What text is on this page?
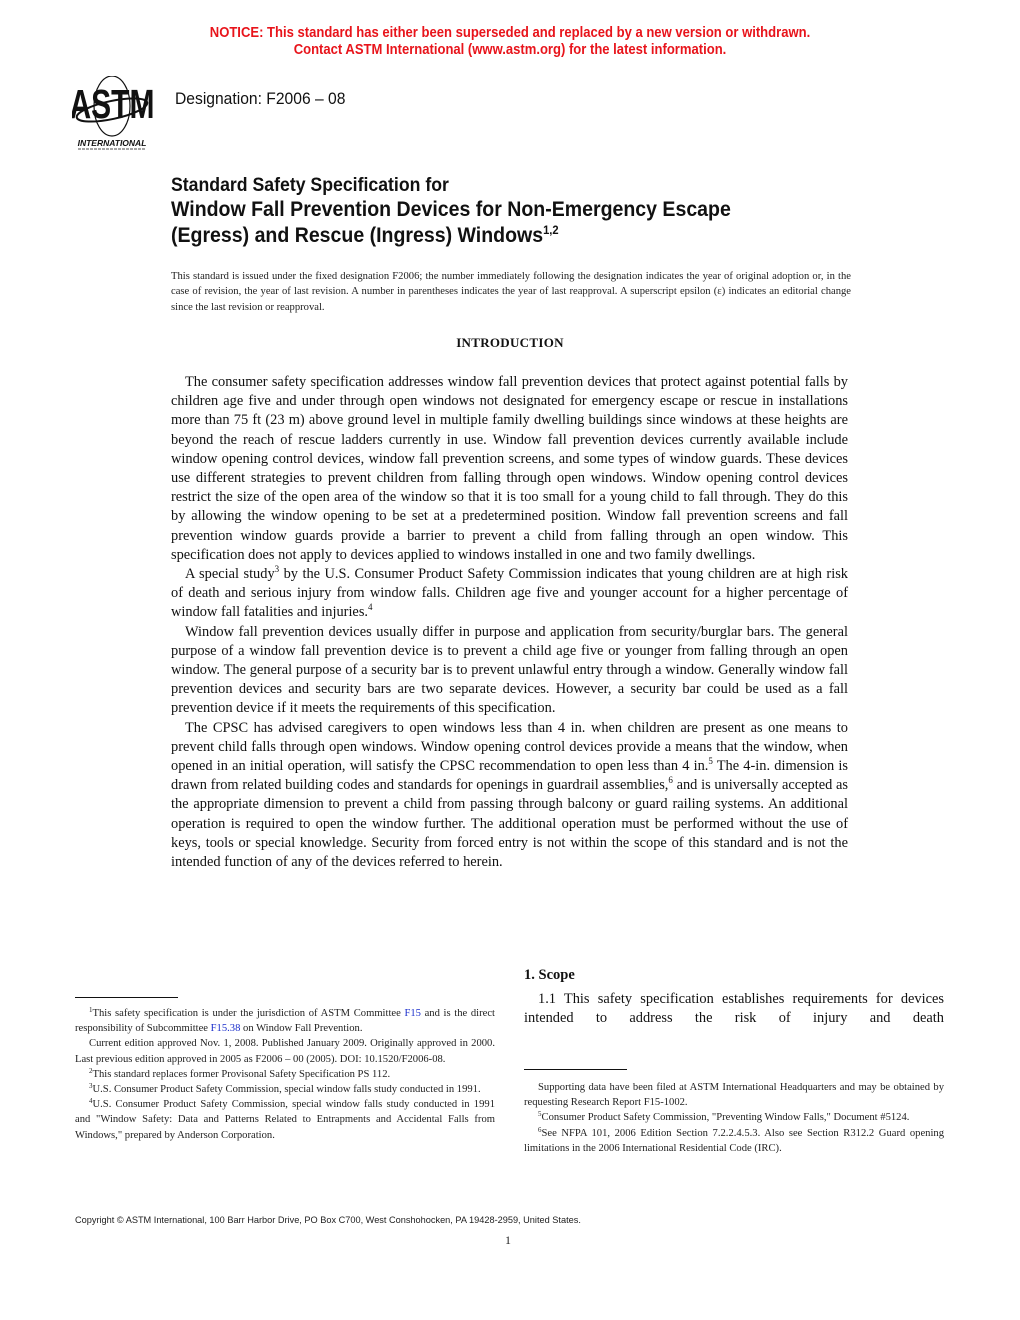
NOTICE: This standard has either been superseded and replaced by a new version or withdrawn.
Contact ASTM International (www.astm.org) for the latest information.
ASTM
INTERNATIONAL
Designation: F2006 – 08
Standard Safety Specification for
Window Fall Prevention Devices for Non-Emergency Escape
(Egress) and Rescue (Ingress) Windows$^{1,2}$
This standard is issued under the fixed designation F2006; the number immediately following the designation indicates the year of original adoption or, in the case of revision, the year of last revision. A number in parentheses indicates the year of last reapproval. A superscript epsilon (ε) indicates an editorial change since the last revision or reapproval.
INTRODUCTION

The consumer safety specification addresses window fall prevention devices that protect against potential falls by children age five and under through open windows not designated for emergency escape or rescue in installations more than 75 ft (23 m) above ground level in multiple family dwelling buildings since windows at these heights are beyond the reach of rescue ladders currently in use. Window fall prevention devices currently available include window opening control devices, window fall prevention screens, and some types of window guards. These devices use different strategies to prevent children from falling through open windows. Window opening control devices restrict the size of the open area of the window so that it is too small for a young child to fall through. They do this by allowing the window opening to be set at a predetermined position. Window fall prevention screens and fall prevention window guards provide a barrier to prevent a child from falling through an open window. This specification does not apply to devices applied to windows installed in one and two family dwellings.

A special study$^3$ by the U.S. Consumer Product Safety Commission indicates that young children are at high risk of death and serious injury from window falls. Children age five and younger account for a higher percentage of window fall fatalities and injuries.$^4$

Window fall prevention devices usually differ in purpose and application from security/burglar bars. The general purpose of a window fall prevention device is to prevent a child age five or younger from falling through an open window. The general purpose of a security bar is to prevent unlawful entry through a window. Generally window fall prevention devices and security bars are two separate devices. However, a security bar could be used as a fall prevention device if it meets the requirements of this specification.

The CPSC has advised caregivers to open windows less than 4 in. when children are present as one means to prevent child falls through open windows. Window opening control devices provide a means that the window, when opened in an initial operation, will satisfy the CPSC recommendation to open less than 4 in.$^5$ The 4-in. dimension is drawn from related building codes and standards for openings in guardrail assemblies,$^6$ and is universally accepted as the appropriate dimension to prevent a child from passing through balcony or guard railing systems. An additional operation is required to open the window further. The additional operation must be performed without the use of keys, tools or special knowledge. Security from forced entry is not within the scope of this standard and is not the intended function of any of the devices referred to herein.

$^1$This safety specification is under the jurisdiction of ASTM Committee F15 and is the direct responsibility of Subcommittee F15.38 on Window Fall Prevention.

Current edition approved Nov. 1, 2008. Published January 2009. Originally approved in 2000. Last previous edition approved in 2005 as F2006 – 00 (2005). DOI: 10.1520/F2006-08.

$^2$This standard replaces former Provisonal Safety Specification PS 112.

$^3$U.S. Consumer Product Safety Commission, special window falls study conducted in 1991.

$^4$U.S. Consumer Product Safety Commission, special window falls study conducted in 1991 and "Window Safety: Data and Patterns Related to Entrapments and Accidental Falls from Windows," prepared by Anderson Corporation.

1. Scope

1.1 This safety specification establishes requirements for devices intended to address the risk of injury and death

Supporting data have been filed at ASTM International Headquarters and may be obtained by requesting Research Report F15-1002.

$^5$Consumer Product Safety Commission, "Preventing Window Falls," Document #5124.

$^6$See NFPA 101, 2006 Edition Section 7.2.2.4.5.3. Also see Section R312.2 Guard opening limitations in the 2006 International Residential Code (IRC).

Copyright © ASTM International, 100 Barr Harbor Drive, PO Box C700, West Conshohocken, PA 19428-2959, United States.
1
